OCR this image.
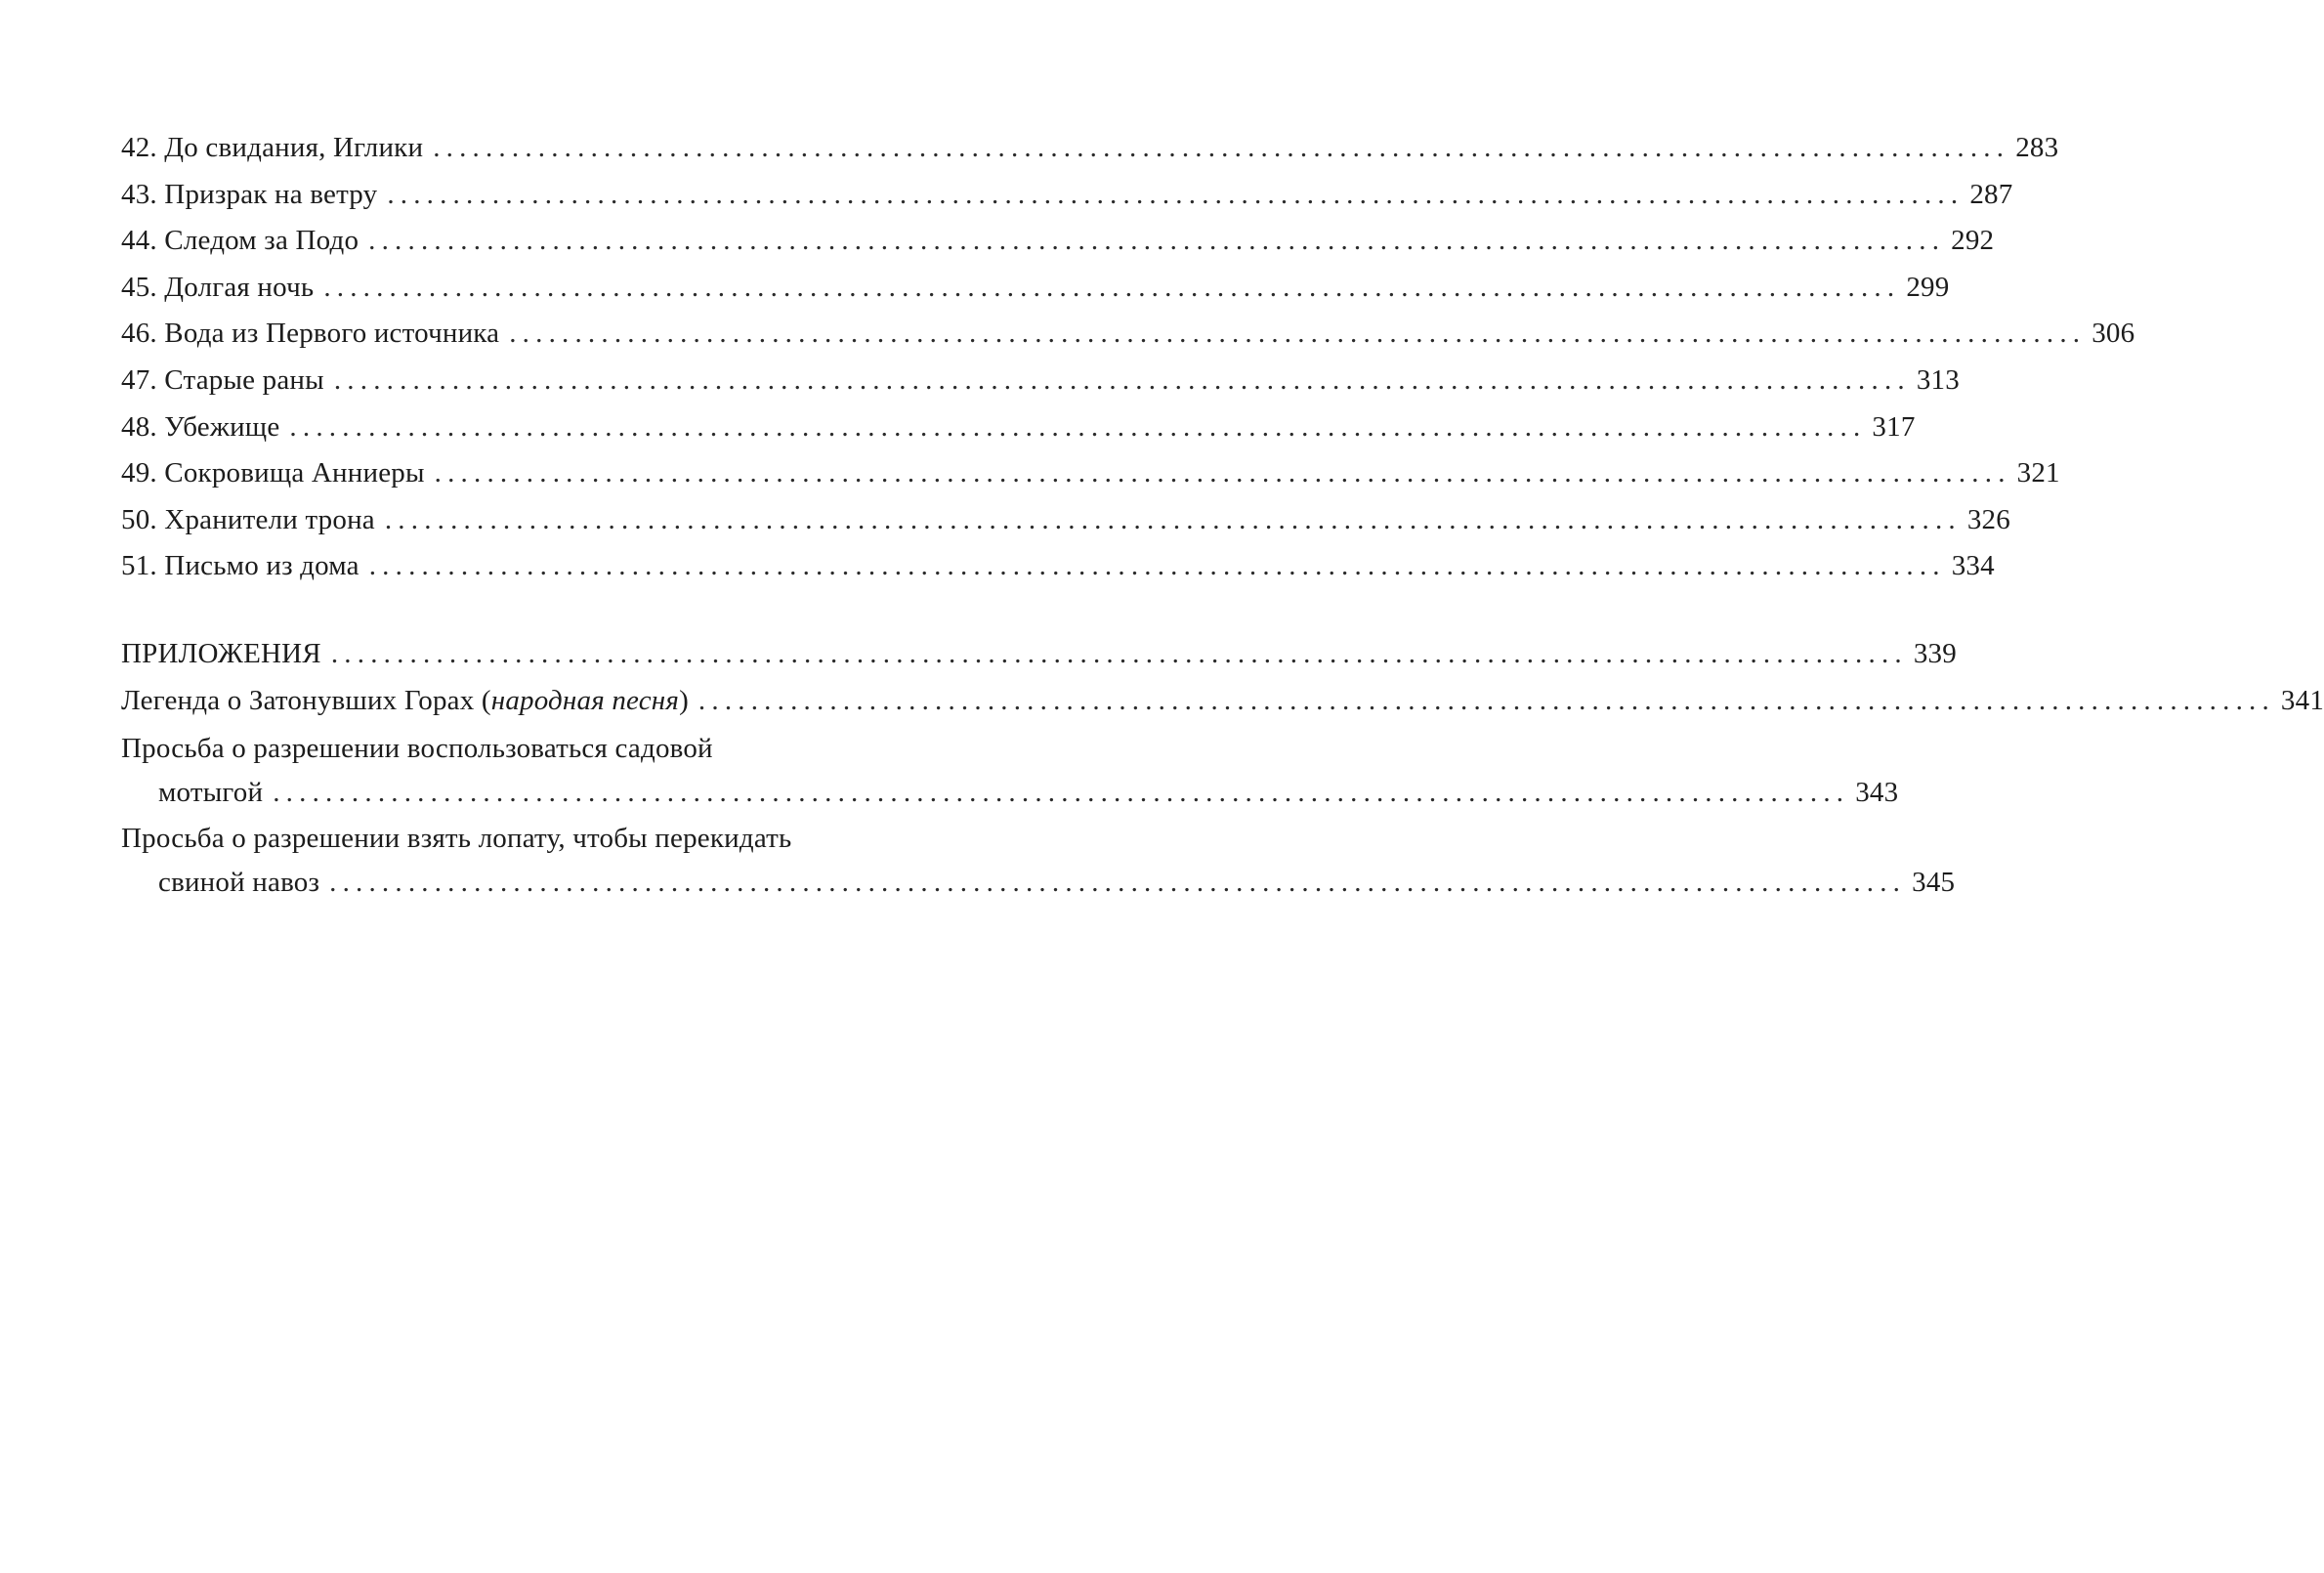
42. До свидания, Иглики ........................................................................................................................ 283
43. Призрак на ветру ........................................................................................................................ 287
44. Следом за Подо ........................................................................................................................ 292
45. Долгая ночь ........................................................................................................................ 299
46. Вода из Первого источника ........................................................................................................................ 306
47. Старые раны ........................................................................................................................ 313
48. Убежище ........................................................................................................................ 317
49. Сокровища Анниеры ........................................................................................................................ 321
50. Хранители трона ........................................................................................................................ 326
51. Письмо из дома ........................................................................................................................ 334
ПРИЛОЖЕНИЯ ........................................................................................................................ 339
Легенда о Затонувших Горах (народная песня) ........................................................................................................................ 341
Просьба о разрешении воспользоваться садовой
мотыгой ........................................................................................................................ 343
Просьба о разрешении взять лопату, чтобы перекидать
свиной навоз ........................................................................................................................ 345
